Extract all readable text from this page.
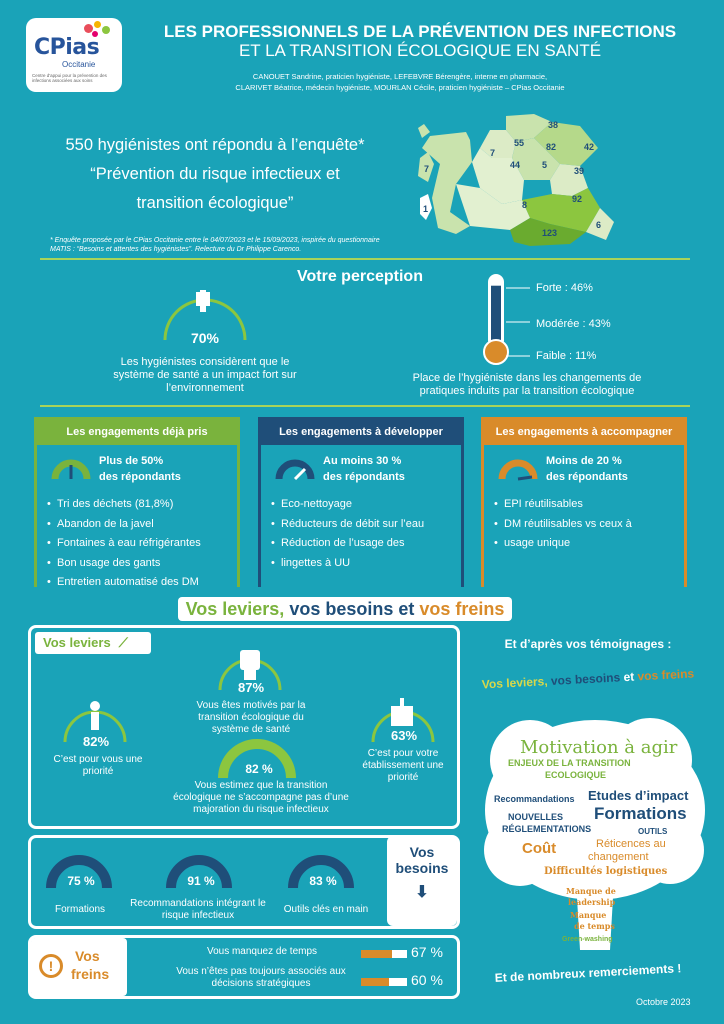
CPias
Occitanie
Centre d'appui pour la prévention des infections associées aux soins
LES PROFESSIONNELS DE LA PRÉVENTION DES INFECTIONS
ET LA TRANSITION ÉCOLOGIQUE EN SANTÉ
CANOUET Sandrine, praticien hygiéniste, LEFEBVRE Bérengère, interne en pharmacie,
CLARIVET Béatrice, médecin hygiéniste, MOURLAN Cécile, praticien hygiéniste – CPias Occitanie
550 hygiénistes ont répondu à l’enquête*
“Prévention du risque infectieux et
transition écologique”
* Enquête proposée par le CPias Occitanie entre le 04/07/2023 et le 15/09/2023, inspirée du questionnaire MATIS : “Besoins et attentes des hygiénistes”. Relecture du Dr Philippe Carenco.
38
55 82	42
7
44 5
39
8
92
6
123
7
1
Votre perception
70%
Les hygiénistes considèrent que le système de santé a un impact fort sur l’environnement
Forte : 46%
Modérée : 43%
Faible : 11%
Place de l’hygiéniste dans les changements de pratiques induits par la transition écologique
Les engagements déjà pris
Plus de 50%
des répondants
• Tri des déchets (81,8%)
• Abandon de la javel
• Fontaines à eau réfrigérantes
• Bon usage des gants
• Entretien automatisé des DM
Les engagements à développer
Au moins 30 %
des répondants
• Eco-nettoyage
• Réducteurs de débit sur l’eau
• Réduction de l’usage des
• lingettes à UU
Les engagements à accompagner
Moins de 20 %
des répondants
• EPI réutilisables
• DM réutilisables vs ceux à
• usage unique
Vos leviers, vos besoins et vos freins
Vos leviers ⟋
87%
Vous êtes motivés par la transition écologique du système de santé
82%
C’est pour vous une priorité
63%
C’est pour votre établissement une priorité
82 %
Vous estimez que la transition écologique ne s’accompagne pas d’une majoration du risque infectieux
75 %
Formations
91 %
Recommandations intégrant le risque infectieux
83 %
Outils clés en main
Vos
besoins
⬇
!
Vos
freins
Vous manquez de temps	67 %
Vous n’êtes pas toujours associés aux décisions stratégiques	60 %
Et d’après vos témoignages :
Vos leviers, vos besoins et vos freins
Motivation à agir
ENJEUX DE LA TRANSITION
ECOLOGIQUE
Recommandations Etudes d’impact
NOUVELLES
RÉGLEMENTATIONS
Formations
OUTILS
Réticences au
changement
Coût
Difficultés logistiques
Manque de
leadership
Manque
de temps
Green-washing
Et de nombreux remerciements !
Octobre 2023
